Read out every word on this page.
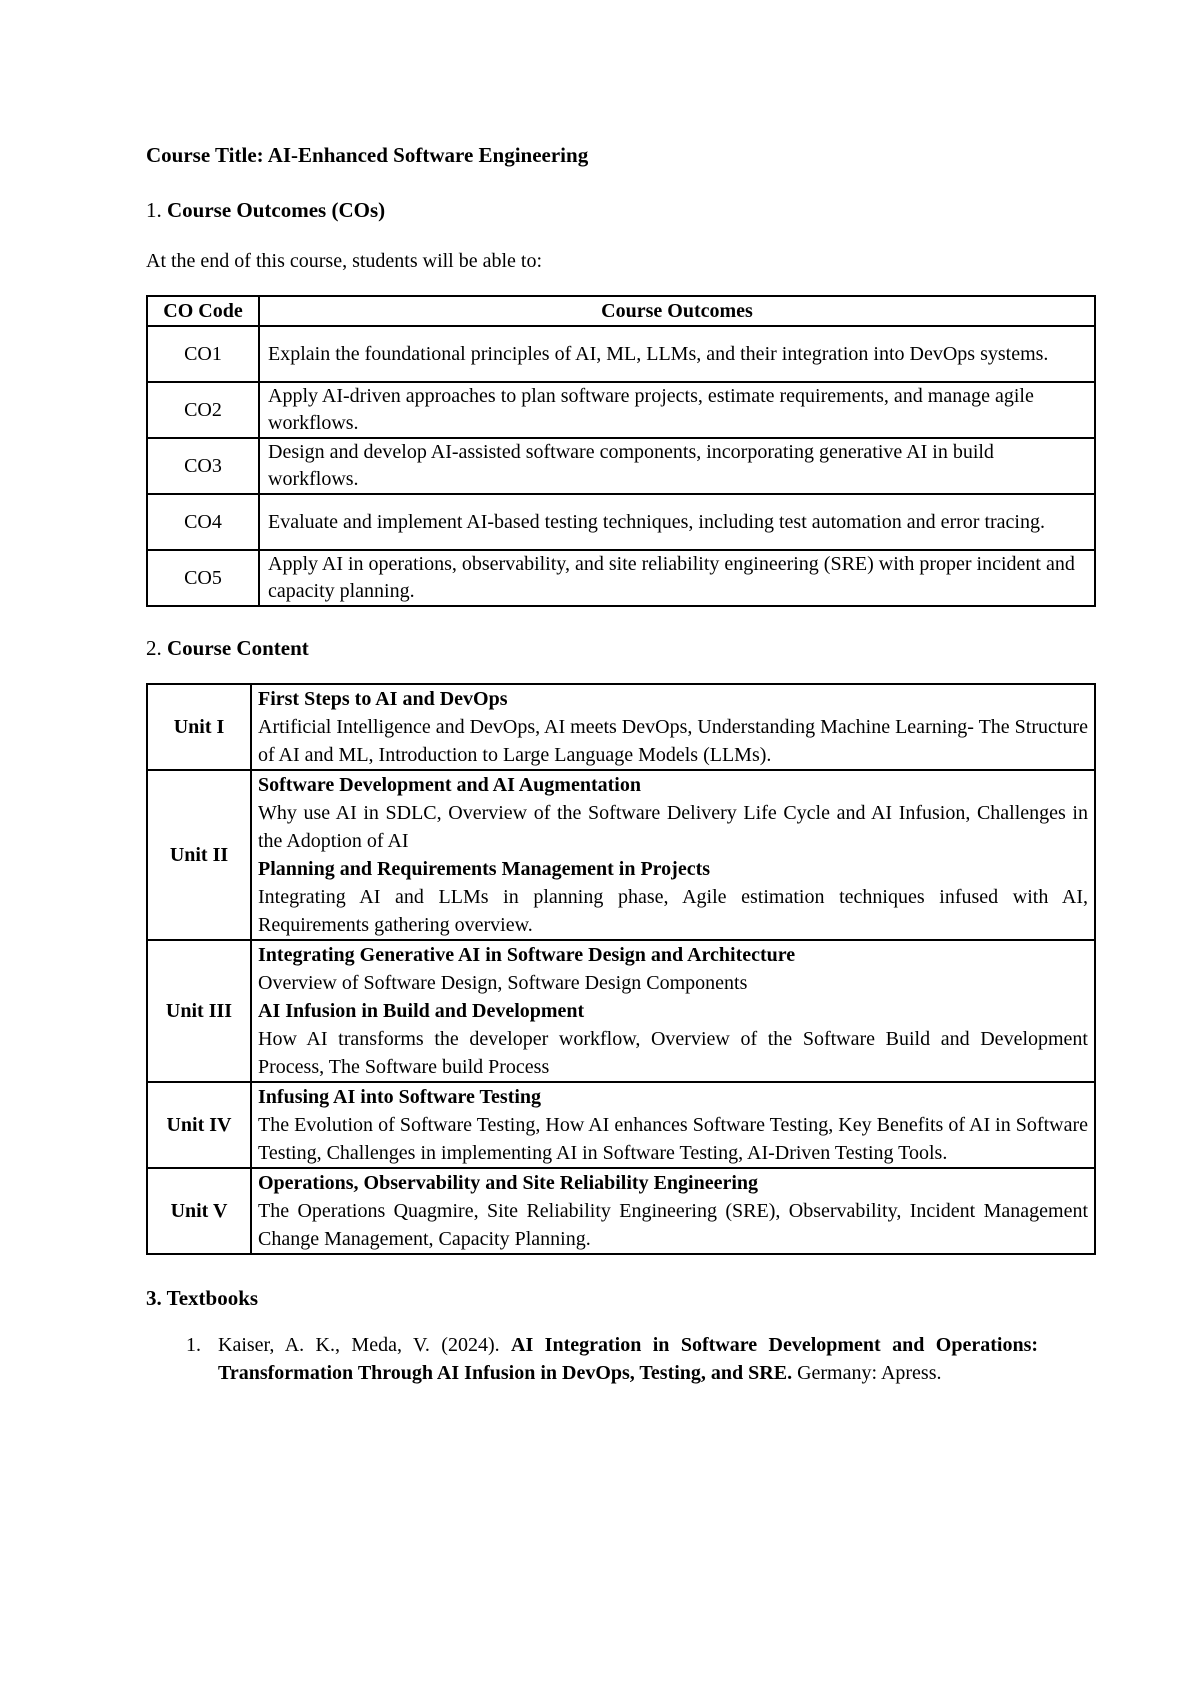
Course Title: AI-Enhanced Software Engineering
1. Course Outcomes (COs)
At the end of this course, students will be able to:
CO Code	Course Outcomes
CO1	Explain the foundational principles of AI, ML, LLMs, and their integration into DevOps systems.
CO2	Apply AI-driven approaches to plan software projects, estimate requirements, and manage agile workflows.
CO3	Design and develop AI-assisted software components, incorporating generative AI in build workflows.
CO4	Evaluate and implement AI-based testing techniques, including test automation and error tracing.
CO5	Apply AI in operations, observability, and site reliability engineering (SRE) with proper incident and capacity planning.
2. Course Content
Unit I	First Steps to AI and DevOps
Artificial Intelligence and DevOps, AI meets DevOps, Understanding Machine Learning- The Structure of AI and ML, Introduction to Large Language Models (LLMs).

Unit II	Software Development and AI Augmentation
Why use AI in SDLC, Overview of the Software Delivery Life Cycle and AI Infusion, Challenges in the Adoption of AI
Planning and Requirements Management in Projects
Integrating AI and LLMs in planning phase, Agile estimation techniques infused with AI, Requirements gathering overview.

Unit III	Integrating Generative AI in Software Design and Architecture
Overview of Software Design, Software Design Components
AI Infusion in Build and Development
How AI transforms the developer workflow, Overview of the Software Build and Development Process, The Software build Process

Unit IV	Infusing AI into Software Testing
The Evolution of Software Testing, How AI enhances Software Testing, Key Benefits of AI in Software Testing, Challenges in implementing AI in Software Testing, AI-Driven Testing Tools.

Unit V	Operations, Observability and Site Reliability Engineering
The Operations Quagmire, Site Reliability Engineering (SRE), Observability, Incident Management Change Management, Capacity Planning.
3. Textbooks
1. Kaiser, A. K., Meda, V. (2024). AI Integration in Software Development and Operations: Transformation Through AI Infusion in DevOps, Testing, and SRE. Germany: Apress.
